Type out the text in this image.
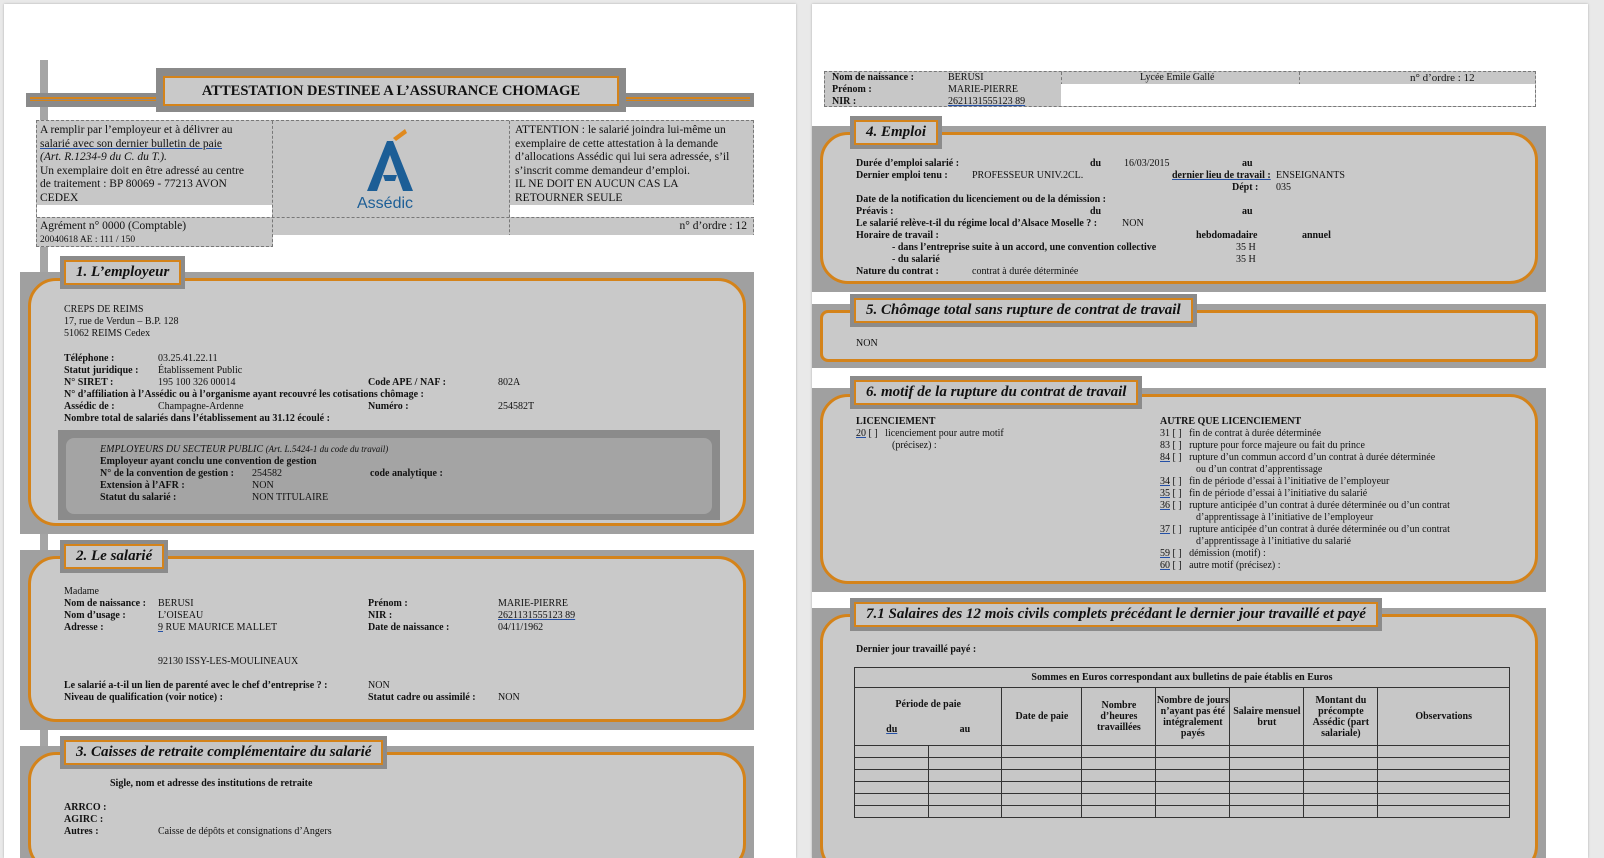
ATTESTATION DESTINEE A L’ASSURANCE CHOMAGE
A remplir par l’employeur et à délivrer au
salarié avec son dernier bulletin de paie
(Art. R.1234-9 du C. du T.).
Un exemplaire doit en être adressé au centre
de traitement : BP 80069 - 77213 AVON
CEDEX	Assédic
ATTENTION : le salarié joindra lui-même un
exemplaire de cette attestation à la demande
d’allocations Assédic qui lui sera adressée, s’il
s’inscrit comme demandeur d’emploi.
IL NE DOIT EN AUCUN CAS LA
RETOURNER SEULE
Agrément n° 0000 (Comptable)
20040618 AE : 111 / 150
n° d’ordre : 12
1. L’employeur
CREPS DE REIMS
17, rue de Verdun – B.P. 128
51062 REIMS Cedex
Téléphone :	03.25.41.22.11
Statut juridique : Établissement Public
N° SIRET :	195 100 326 00014	Code APE / NAF :	802A
N° d’affiliation à l’Assédic ou à l’organisme ayant recouvré les cotisations chômage :
Assédic de :	Champagne-Ardenne	Numéro :	254582T
Nombre total de salariés dans l’établissement au 31.12 écoulé :
EMPLOYEURS DU SECTEUR PUBLIC (Art. L.5424-1 du code du travail)
Employeur ayant conclu une convention de gestion
N° de la convention de gestion : 254582	code analytique :
Extension à l’AFR :	NON
Statut du salarié :	NON TITULAIRE
2. Le salarié
Madame
Nom de naissance : BERUSI	Prénom :	MARIE-PIERRE
Nom d’usage :	L’OISEAU	NIR :	2621131555123 89
Adresse :	9 RUE MAURICE MALLET	Date de naissance :	04/11/1962
92130 ISSY-LES-MOULINEAUX
Le salarié a-t-il un lien de parenté avec le chef d’entreprise ? :	NON
Niveau de qualification (voir notice) :	Statut cadre ou assimilé : NON
3. Caisses de retraite complémentaire du salarié
Sigle, nom et adresse des institutions de retraite
ARRCO :
AGIRC :
Autres :	Caisse de dépôts et consignations d’Angers
Nom de naissance :	BERUSI
Prénom :	MARIE-PIERRE
NIR :	2621131555123 89
Lycée Emile Gallé	n° d’ordre : 12
4. Emploi
Durée d’emploi salarié :	du 16/03/2015	au
Dernier emploi tenu : PROFESSEUR UNIV.2CL.	dernier lieu de travail : ENSEIGNANTS
Dépt : 035
Date de la notification du licenciement ou de la démission :
Préavis :	du	au
Le salarié relève-t-il du régime local d’Alsace Moselle ? : NON
Horaire de travail :	hebdomadaire	annuel
- dans l’entreprise suite à un accord, une convention collective	35 H
- du salarié	35 H
Nature du contrat :	contrat à durée déterminée
5. Chômage total sans rupture de contrat de travail
NON
6. motif de la rupture du contrat de travail
LICENCIEMENT
20 [ ]   licenciement pour autre motif
(précisez) :
AUTRE QUE LICENCIEMENT
31 [ ]   fin de contrat à durée déterminée
83 [ ]   rupture pour force majeure ou fait du prince
84 [ ]   rupture d’un commun accord d’un contrat à durée déterminée
ou d’un contrat d’apprentissage
34 [ ]   fin de période d’essai à l’initiative de l’employeur
35 [ ]   fin de période d’essai à l’initiative du salarié
36 [ ]   rupture anticipée d’un contrat à durée déterminée ou d’un contrat
d’apprentissage à l’initiative de l’employeur
37 [ ]   rupture anticipée d’un contrat à durée déterminée ou d’un contrat
d’apprentissage à l’initiative du salarié
59 [ ]   démission (motif) :
60 [ ]   autre motif (précisez) :
7.1 Salaires des 12 mois civils complets précédant le dernier jour travaillé et payé
Dernier jour travaillé payé :
Sommes en Euros correspondant aux bulletins de paie établis en Euros							

Période de paie
du au		Date de paie	Nombre d’heures travaillées	Nombre de jours n’ayant pas été intégralement payés	Salaire mensuel brut	Montant du précompte Assédic (part salariale)	Observations
